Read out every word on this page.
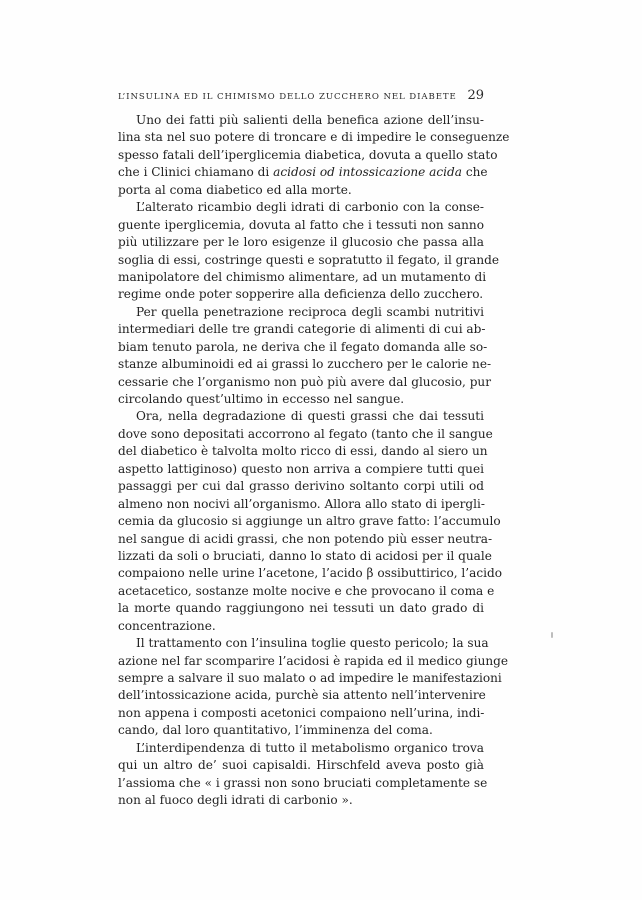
L’INSULINA ED IL CHIMISMO DELLO ZUCCHERO NEL DIABETE 29
Uno dei fatti più salienti della benefica azione dell’insu-
lina sta nel suo potere di troncare e di impedire le conseguenze
spesso fatali dell’iperglicemia diabetica, dovuta a quello stato
che i Clinici chiamano di acidosi od intossicazione acida che
porta al coma diabetico ed alla morte.
L’alterato ricambio degli idrati di carbonio con la conse-
guente iperglicemia, dovuta al fatto che i tessuti non sanno
più utilizzare per le loro esigenze il glucosio che passa alla
soglia di essi, costringe questi e sopratutto il fegato, il grande
manipolatore del chimismo alimentare, ad un mutamento di
regime onde poter sopperire alla deficienza dello zucchero.
Per quella penetrazione reciproca degli scambi nutritivi
intermediari delle tre grandi categorie di alimenti di cui ab-
biam tenuto parola, ne deriva che il fegato domanda alle so-
stanze albuminoidi ed ai grassi lo zucchero per le calorie ne-
cessarie che l’organismo non può più avere dal glucosio, pur
circolando quest’ultimo in eccesso nel sangue.
Ora, nella degradazione di questi grassi che dai tessuti
dove sono depositati accorrono al fegato (tanto che il sangue
del diabetico è talvolta molto ricco di essi, dando al siero un
aspetto lattiginoso) questo non arriva a compiere tutti quei
passaggi per cui dal grasso derivino soltanto corpi utili od
almeno non nocivi all’organismo. Allora allo stato di ipergli-
cemia da glucosio si aggiunge un altro grave fatto: l’accumulo
nel sangue di acidi grassi, che non potendo più esser neutra-
lizzati da soli o bruciati, danno lo stato di acidosi per il quale
compaiono nelle urine l’acetone, l’acido β ossibuttirico, l’acido
acetacetico, sostanze molte nocive e che provocano il coma e
la morte quando raggiungono nei tessuti un dato grado di
concentrazione.
Il trattamento con l’insulina toglie questo pericolo; la sua
azione nel far scomparire l’acidosi è rapida ed il medico giunge
sempre a salvare il suo malato o ad impedire le manifestazioni
dell’intossicazione acida, purchè sia attento nell’intervenire
non appena i composti acetonici compaiono nell’urina, indi-
cando, dal loro quantitativo, l’imminenza del coma.
L’interdipendenza di tutto il metabolismo organico trova
qui un altro de’ suoi capisaldi. Hirschfeld aveva posto già
l’assioma che « i grassi non sono bruciati completamente se
non al fuoco degli idrati di carbonio ».
